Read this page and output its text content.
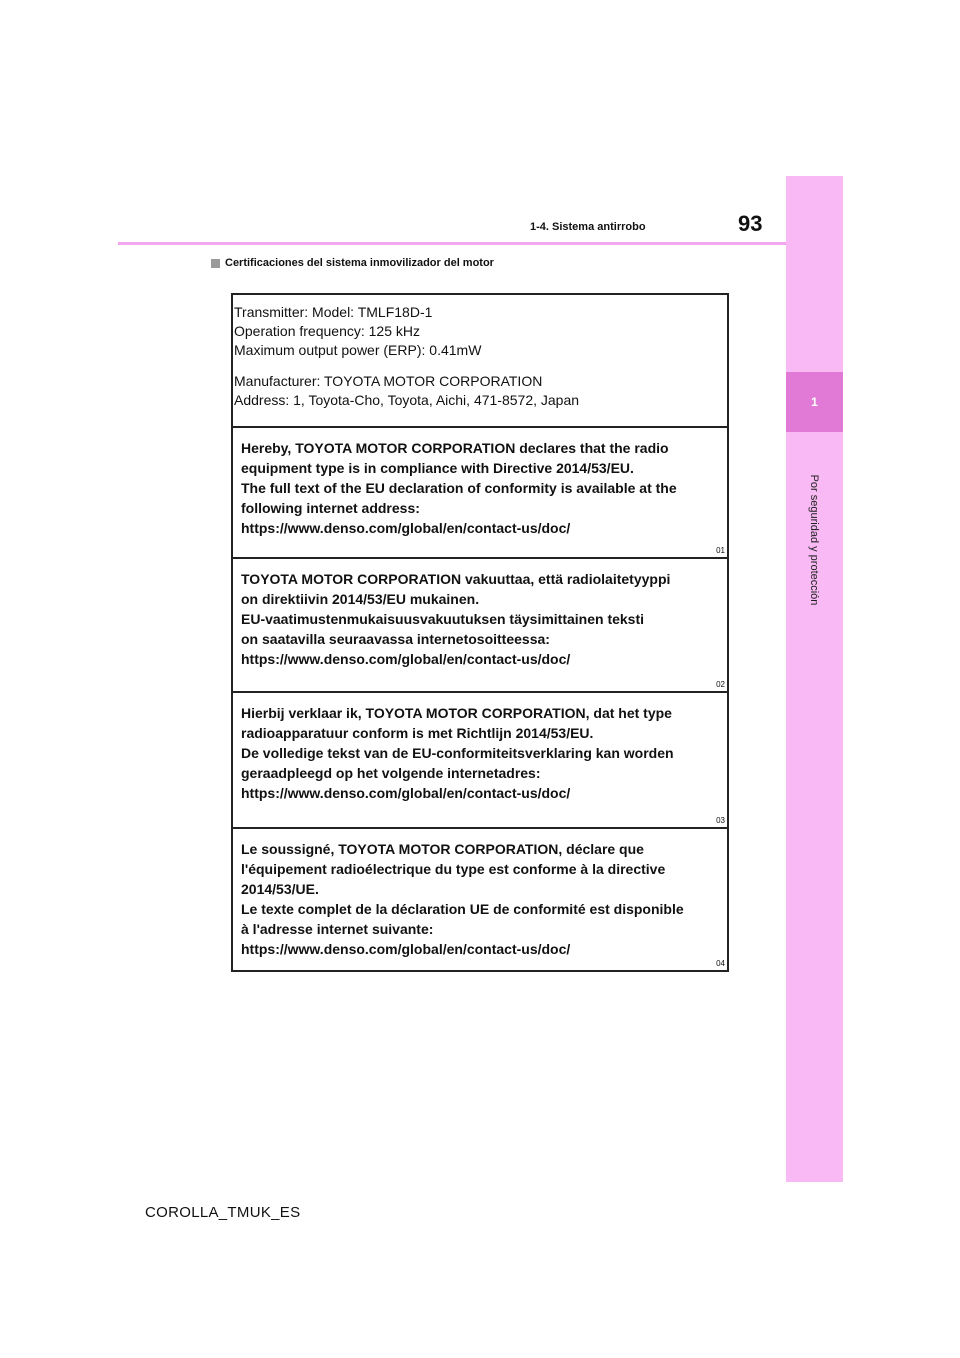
1
Por seguridad y protección
1-4. Sistema antirrobo	93
Certificaciones del sistema inmovilizador del motor
Transmitter: Model: TMLF18D-1
Operation frequency: 125 kHz
Maximum output power (ERP): 0.41mW
Manufacturer: TOYOTA MOTOR CORPORATION
Address: 1, Toyota-Cho, Toyota, Aichi, 471-8572, Japan
Hereby, TOYOTA MOTOR CORPORATION declares that the radio
equipment type is in compliance with Directive 2014/53/EU.
The full text of the EU declaration of conformity is available at the
following internet address:
https://www.denso.com/global/en/contact-us/doc/
01
TOYOTA MOTOR CORPORATION vakuuttaa, että radiolaitetyyppi
on direktiivin 2014/53/EU mukainen.
EU-vaatimustenmukaisuusvakuutuksen täysimittainen teksti
on saatavilla seuraavassa internetosoitteessa:
https://www.denso.com/global/en/contact-us/doc/
02
Hierbij verklaar ik, TOYOTA MOTOR CORPORATION, dat het type
radioapparatuur conform is met Richtlijn 2014/53/EU.
De volledige tekst van de EU-conformiteitsverklaring kan worden
geraadpleegd op het volgende internetadres:
https://www.denso.com/global/en/contact-us/doc/
03
Le soussigné, TOYOTA MOTOR CORPORATION, déclare que
l'équipement radioélectrique du type est conforme à la directive
2014/53/UE.
Le texte complet de la déclaration UE de conformité est disponible
à l'adresse internet suivante:
https://www.denso.com/global/en/contact-us/doc/
04
COROLLA_TMUK_ES
